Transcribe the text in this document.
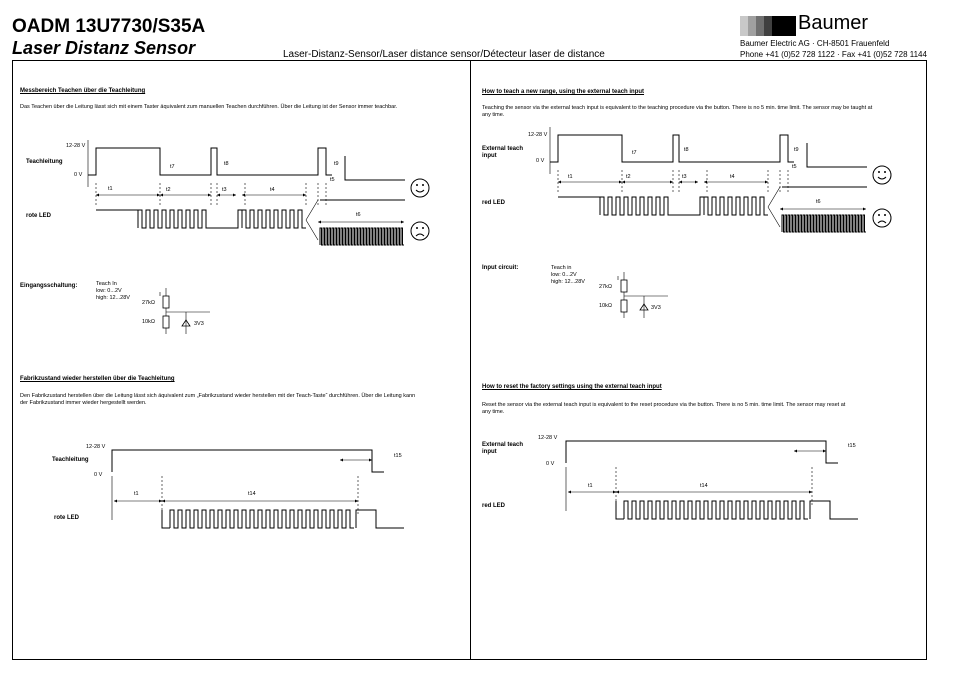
OADM 13U7730/S35A
Laser Distanz Sensor	Laser-Distanz-Sensor/Laser distance sensor/Détecteur laser de distance
Baumer
Baumer Electric AG · CH-8501 Frauenfeld
Phone +41 (0)52 728 1122 · Fax +41 (0)52 728 1144
Messbereich Teachen über die Teachleitung
Das Teachen über die Leitung lässt sich mit einem Taster äquivalent zum manuellen Teachen durchführen. Über die Leitung ist der Sensor immer teachbar.
12-28 V
0 V
Teachleitung
rote LED
t1	t2	t3	t4
t5
t6
t7	t8	t9
Eingangsschaltung:	Teach In
low: 0...2V
high: 12...28V
27kΩ
10kΩ	3V3
Fabrikzustand wieder herstellen über die Teachleitung
Den Fabrikzustand herstellen über die Leitung lässt sich äquivalent zum „Fabrikzustand wieder herstellen mit der Teach-Taste“ durchführen. Über die Leitung kann
der Fabrikzustand immer wieder hergestellt werden.
12-28 V
0 V
Teachleitung
rote LED
t1	t14
t15
How to teach a new range, using the external teach input
Teaching the sensor via the external teach input is equivalent to the teaching procedure via the button. There is no 5 min. time limit. The sensor may be taught at
any time.
12-28 V
0 V
External teach
input
red LED
t1	t2	t3	t4
t5
t6
t7	t8	t9
Input circuit:	Teach in
low: 0...2V
high: 12...28V
27kΩ
10kΩ	3V3
How to reset the factory settings using the external teach input
Reset the sensor via the external teach input is equivalent to the reset procedure via the button. There is no 5 min. time limit. The sensor may reset at
any time.
12-28 V
0 V
External teach
input
red LED
t1	t14
t15
